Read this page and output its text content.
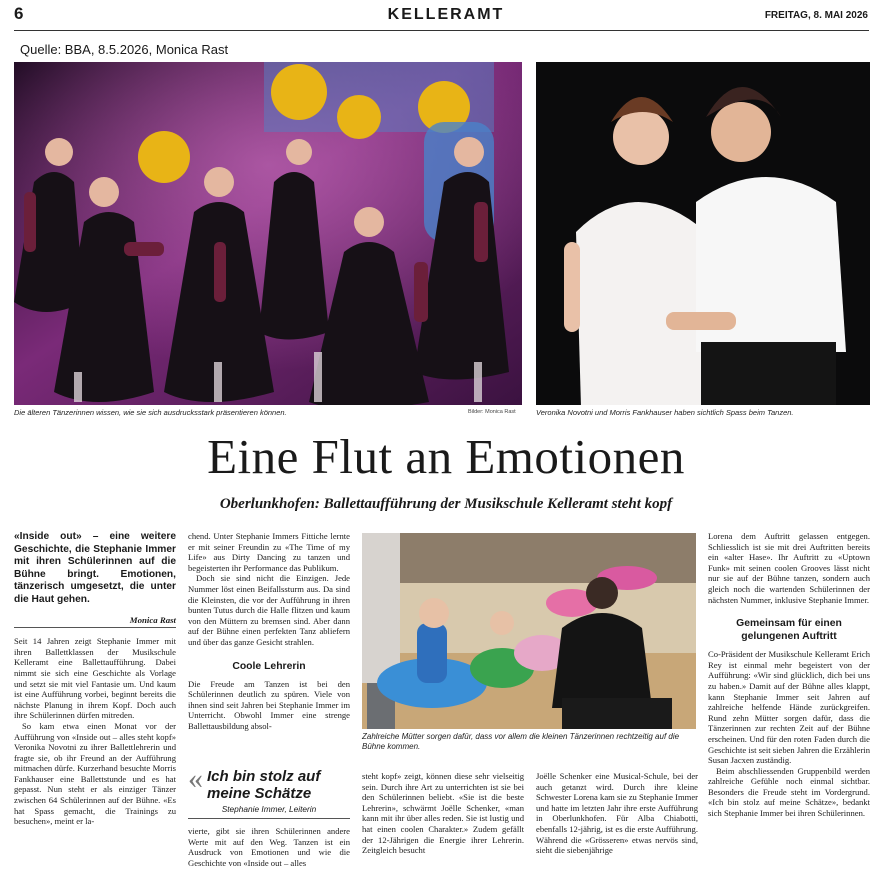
6	KELLERAMT	FREITAG, 8. MAI 2026
Quelle: BBA, 8.5.2026, Monica Rast
Die älteren Tänzerinnen wissen, wie sie sich ausdrucksstark präsentieren können.	Bilder: Monica Rast	Veronika Novotni und Morris Fankhauser haben sichtlich Spass beim Tanzen.
Eine Flut an Emotionen
Oberlunkhofen: Ballettaufführung der Musikschule Kelleramt steht kopf
«Inside out» – eine weitere Geschichte, die Stephanie Immer mit ihren Schülerinnen auf die Bühne bringt. Emotionen, tänzerisch umgesetzt, die unter die Haut gehen.
Monica Rast

Seit 14 Jahren zeigt Stephanie Immer mit ihren Ballettklassen der Musikschule Kelleramt eine Ballettaufführung. Dabei nimmt sie sich eine Geschichte als Vorlage und setzt sie mit viel Fantasie um. Und kaum ist eine Aufführung vorbei, beginnt bereits die nächste Planung in ihrem Kopf. Doch auch ihre Schülerinnen dürfen mitreden.

So kam etwa einen Monat vor der Aufführung von «Inside out – alles steht kopf» Veronika Novotni zu ihrer Ballettlehrerin und fragte sie, ob ihr Freund an der Aufführung mitmachen dürfe. Kurzerhand besuchte Morris Fankhauser eine Ballettstunde und es hat gepasst. Nun steht er als einziger Tänzer zwischen 64 Schülerinnen auf der Bühne. «Es hat Spass gemacht, die Trainings zu besuchen», meint er la-

chend. Unter Stephanie Immers Fittiche lernte er mit seiner Freundin zu «The Time of my Life» aus Dirty Dancing zu tanzen und begeisterten ihr Performance das Publikum.

Doch sie sind nicht die Einzigen. Jede Nummer löst einen Beifallssturm aus. Da sind die Kleinsten, die vor der Aufführung in ihren bunten Tutus durch die Halle flitzen und kaum von den Müttern zu bremsen sind. Aber dann auf der Bühne einen perfekten Tanz abliefern und über das ganze Gesicht strahlen.

Coole Lehrerin

Die Freude am Tanzen ist bei den Schülerinnen deutlich zu spüren. Viele von ihnen sind seit Jahren bei Stephanie Immer im Unterricht. Obwohl Immer eine strenge Ballettausbildung absol-

« Ich bin stolz auf meine Schätze
Stephanie Immer, Leiterin

vierte, gibt sie ihren Schülerinnen andere Werte mit auf den Weg. Tanzen ist ein Ausdruck von Emotionen und wie die Geschichte von «Inside out – alles

Zahlreiche Mütter sorgen dafür, dass vor allem die kleinen Tänzerinnen rechtzeitig auf die Bühne kommen.

steht kopf» zeigt, können diese sehr vielseitig sein. Durch ihre Art zu unterrichten ist sie bei den Schülerinnen beliebt. «Sie ist die beste Lehrerin», schwärmt Joëlle Schenker, «man kann mit ihr über alles reden. Sie ist lustig und hat einen coolen Charakter.» Zudem gefällt der 12-Jährigen die Energie ihrer Lehrerin. Zeitgleich besucht

Joëlle Schenker eine Musical-Schule, bei der auch getanzt wird. Durch ihre kleine Schwester Lorena kam sie zu Stephanie Immer und hatte im letzten Jahr ihre erste Aufführung in Oberlunkhofen. Für Alba Chiabotti, ebenfalls 12-jährig, ist es die erste Aufführung. Während die «Grösseren» etwas nervös sind, sieht die siebenjährige

Lorena dem Auftritt gelassen entgegen. Schliesslich ist sie mit drei Auftritten bereits ein «alter Hase». Ihr Auftritt zu «Uptown Funk» mit seinen coolen Grooves lässt nicht nur sie auf der Bühne tanzen, sondern auch gleich noch die wartenden Schülerinnen der nächsten Nummer, inklusive Stephanie Immer.

Gemeinsam für einen gelungenen Auftritt

Co-Präsident der Musikschule Kelleramt Erich Rey ist einmal mehr begeistert von der Aufführung: «Wir sind glücklich, dich bei uns zu haben.» Damit auf der Bühne alles klappt, kann Stephanie Immer seit Jahren auf zahlreiche helfende Hände zurückgreifen. Rund zehn Mütter sorgen dafür, dass die Tänzerinnen zur rechten Zeit auf der Bühne erscheinen. Und für den roten Faden durch die Geschichte ist seit sieben Jahren die Erzählerin Susan Jacxen zuständig.

Beim abschliessenden Gruppenbild werden zahlreiche Gefühle noch einmal sichtbar. Besonders die Freude steht im Vordergrund. «Ich bin stolz auf meine Schätze», bedankt sich Stephanie Immer bei ihren Schülerinnen.
